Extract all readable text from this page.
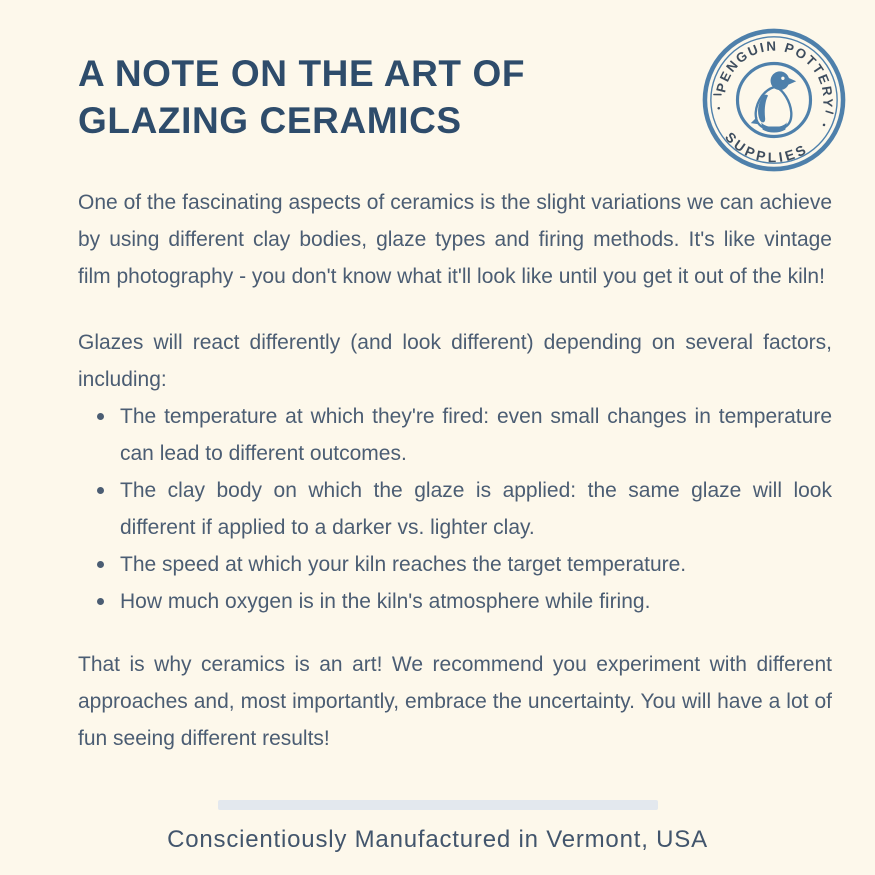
A NOTE ON THE ART OF
GLAZING CERAMICS
PENGUIN POTTERY
SUPPLIES

One of the fascinating aspects of ceramics is the slight variations we can achieve by using different clay bodies, glaze types and firing methods. It's like vintage film photography - you don't know what it'll look like until you get it out of the kiln!

Glazes will react differently (and look different) depending on several factors, including:

The temperature at which they're fired: even small changes in temperature can lead to different outcomes.
The clay body on which the glaze is applied: the same glaze will look different if applied to a darker vs. lighter clay.
The speed at which your kiln reaches the target temperature.
How much oxygen is in the kiln's atmosphere while firing.

That is why ceramics is an art! We recommend you experiment with different approaches and, most importantly, embrace the uncertainty. You will have a lot of fun seeing different results!

Conscientiously Manufactured in Vermont, USA
